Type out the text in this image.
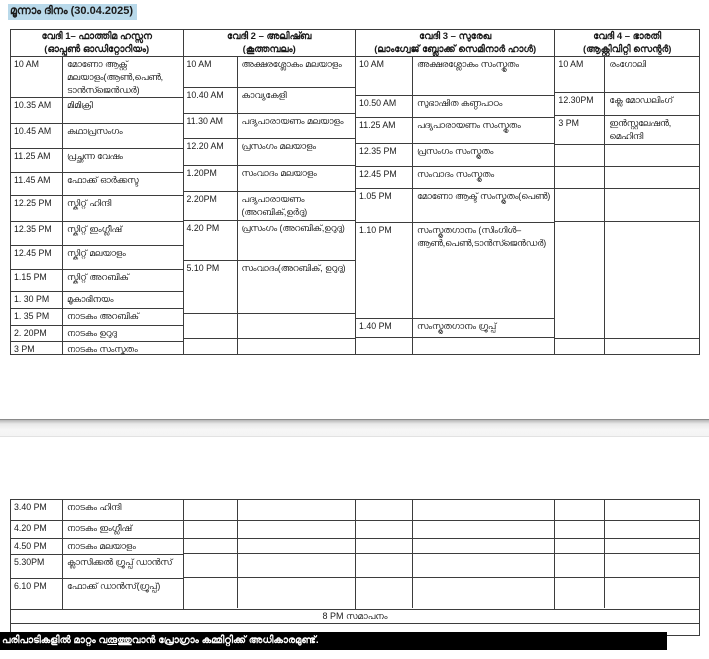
മൂന്നാം ദിനം (30.04.2025)
വേദി 1– ഫാത്തിമ ഹസ്സന
(ഓപ്പൺ ഓഡിറ്റോറിയം)
10 AM	മോണോ ആക്റ്റ് മലയാളം(ആൺ,പെൺ, ടാൻസ്ജെൻഡർ)
10.35 AM	മിമിക്രി
10.45 AM	കഥാപ്രസംഗം
11.25 AM	പ്രച്ഛന്ന വേഷം
11.45 AM	ഫോക്ക് ഓർക്കസ്ട
12.25 PM	സ്കിറ്റ് ഹിന്ദി
12.35 PM	സ്കിറ്റ് ഇംഗ്ലീഷ്
12.45 PM	സ്കിറ്റ് മലയാളം
1.15 PM	സ്കിറ്റ് അറബിക്
1. 30 PM	മൂകാഭിനയം
1. 35 PM	നാടകം അറബിക്
2. 20PM	നാടകം ഉറുദു
3 PM	നാടകം സംസ്കൃതം
വേദി 2 – അലിഷ്ബ
(കൂത്തമ്പലം)
10 AM	അക്ഷരശ്ലോകം മലയാളം
10.40 AM	കാവ്യകേളി
11.30 AM	പദ്യപാരായണം മലയാളം
12.20 AM	പ്രസംഗം മലയാളം
1.20PM	സംവാദം മലയാളം
2.20PM	പദ്യപാരായണം (അറബിക്,ഉർദു)
4.20 PM	പ്രസംഗം (അറബിക്,ഉറുദു)
5.10 PM	സംവാദം(അറബിക്, ഉറുദു)
വേദി 3 – സുരേഖ
(ലാംഗ്വേജ് ബ്ലോക്ക് സെമിനാർ ഹാൾ)
10 AM	അക്ഷരശ്ലോകം സംസ്കൃതം
10.50 AM	സുഭാഷിത കണ്ഠപാഠം
11.25 AM	പദ്യപാരായണം സംസ്കൃതം
12.35 PM	പ്രസംഗം സംസ്കൃതം
12.45 PM	സംവാദം സംസ്കൃതം
1.05 PM	മോണോ ആക്ട് സംസ്കൃതം(പെൺ)
1.10 PM	സംസ്കൃതഗാനം (സിംഗിൾ– ആൺ,പെൺ,ടാൻസ്ജെൻഡർ)
1.40 PM	സംസ്കൃതഗാനം ഗ്രൂപ്പ്
വേദി 4 – ഭാരതി
(ആക്റ്റിവിറ്റി സെന്റർ)
10 AM	രംഗോലി
12.30PM	ക്ലേ മോഡലിംഗ്
3 PM	ഇൻസ്റ്റലേഷൻ, മെഹിന്ദി
3.40 PM	നാടകം ഹിന്ദി
4.20 PM	നാടകം ഇംഗ്ലീഷ്
4.50 PM	നാടകം മലയാളം
5.30PM	ക്ലാസിക്കൽ ഗ്രൂപ്പ് ഡാൻസ്
6.10 PM	ഫോക്ക് ഡാൻസ്(ഗ്രൂപ്പ്)
8 PM സമാപനം
പരിപാടികളിൽ മാറ്റം വരുത്തുവാൻ പ്രോഗ്രാം കമ്മിറ്റിക്ക് അധികാരമുണ്ട്.
